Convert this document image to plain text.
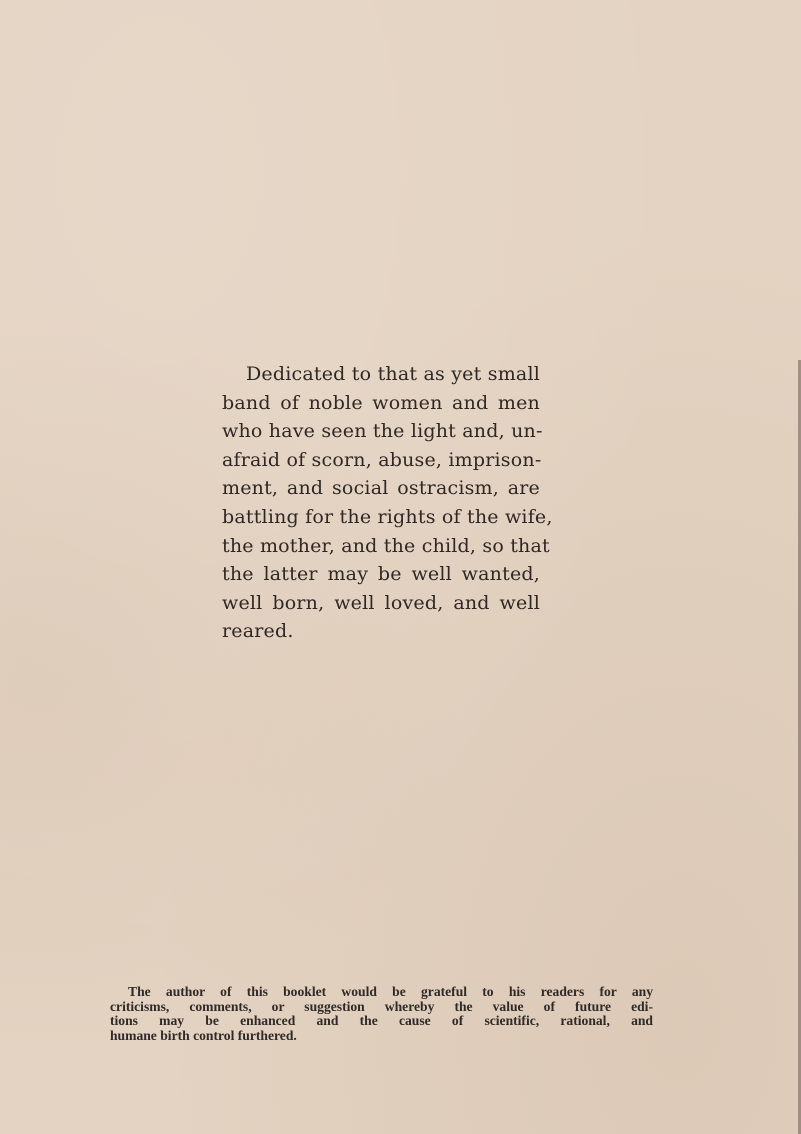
Dedicated to that as yet small
band of noble women and men
who have seen the light and, un-
afraid of scorn, abuse, imprison-
ment, and social ostracism, are
battling for the rights of the wife,
the mother, and the child, so that
the latter may be well wanted,
well born, well loved, and well
reared.
The author of this booklet would be grateful to his readers for any
criticisms, comments, or suggestion whereby the value of future edi-
tions may be enhanced and the cause of scientific, rational, and
humane birth control furthered.
